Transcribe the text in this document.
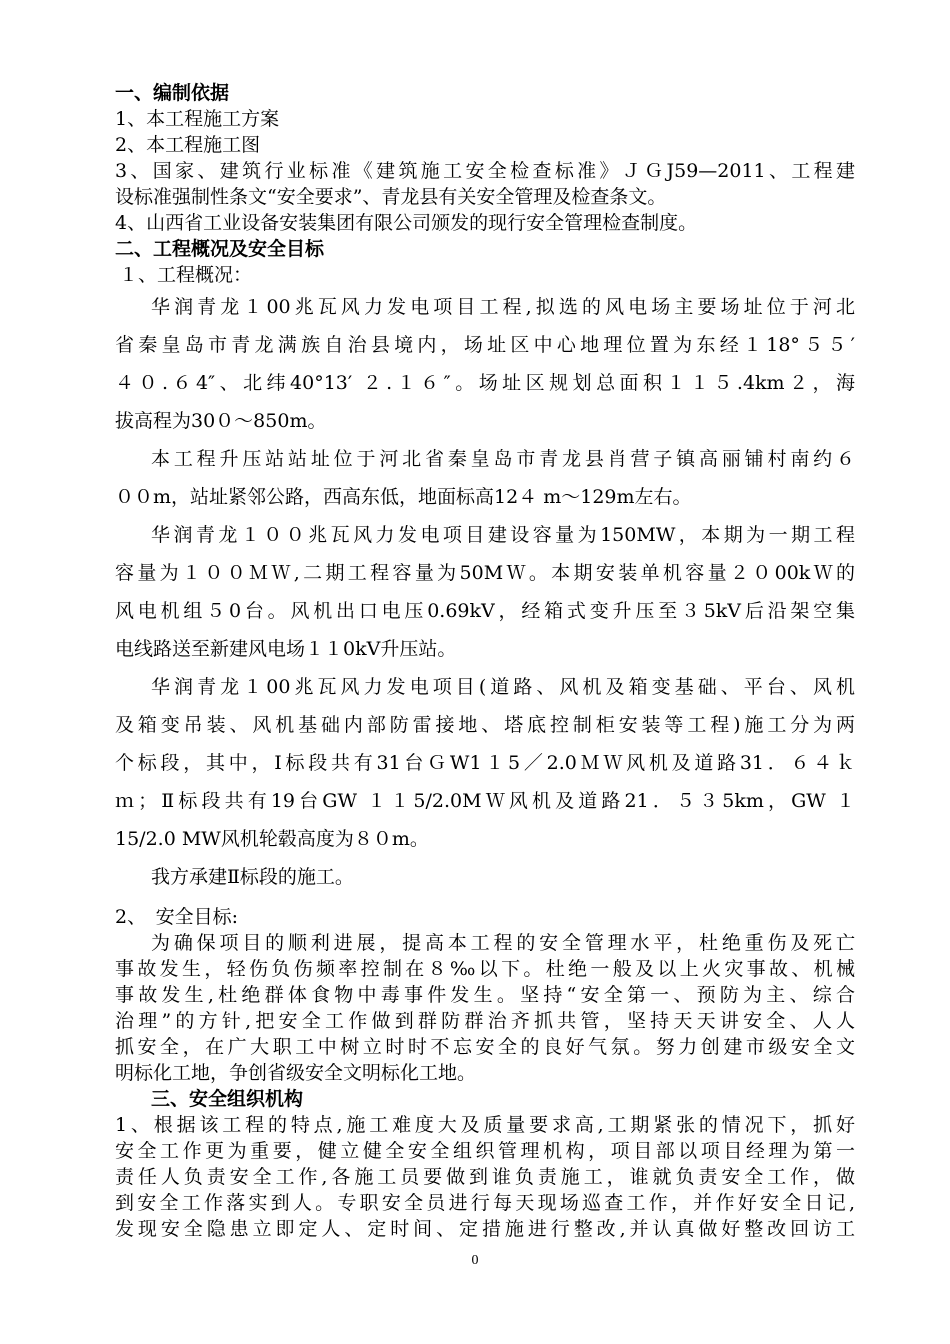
一、编制依据
1、本工程施工方案
2、本工程施工图
3、国家、建筑行业标准《建筑施工安全检查标准》ＪＧJ59—2011、工程建
设标准强制性条文“安全要求”、青龙县有关安全管理及检查条文。
4、山西省工业设备安装集团有限公司颁发的现行安全管理检查制度。
二、工程概况及安全目标
１、工程概况：
华润青龙１00兆瓦风力发电项目工程,拟选的风电场主要场址位于河北
省秦皇岛市青龙满族自治县境内，场址区中心地理位置为东经１18°５５′
４０.６4″、北纬40°13′ ２.１６″。场址区规划总面积１１５.4km２，海
拔高程为30０～850m。
本工程升压站站址位于河北省秦皇岛市青龙县肖营子镇高丽铺村南约６
００m，站址紧邻公路，西高东低，地面标高12４ m～129m左右。
华润青龙１００兆瓦风力发电项目建设容量为150MW，本期为一期工程
容量为１００ＭＷ,二期工程容量为50MＷ。本期安装单机容量２０00kＷ的
风电机组５0台。风机出口电压0.69kV，经箱式变升压至３5kV后沿架空集
电线路送至新建风电场１１0kV升压站。
华润青龙１00兆瓦风力发电项目(道路、风机及箱变基础、平台、风机
及箱变吊装、风机基础内部防雷接地、塔底控制柜安装等工程)施工分为两
个标段，其中，Ⅰ标段共有31台ＧW1１5／2.0ＭＷ风机及道路31．６４ｋ
ｍ；Ⅱ标段共有19台GW １１5/2.0MＷ风机及道路21．５３5km，GW １
15/2.0 MW风机轮毂高度为８０m。
我方承建Ⅱ标段的施工。
2、　安全目标:
为确保项目的顺利进展，提高本工程的安全管理水平，杜绝重伤及死亡
事故发生，轻伤负伤频率控制在８‰以下。杜绝一般及以上火灾事故、机械
事故发生,杜绝群体食物中毒事件发生。坚持“安全第一、预防为主、综合
治理”的方针,把安全工作做到群防群治齐抓共管，坚持天天讲安全、人人
抓安全，在广大职工中树立时时不忘安全的良好气氛。努力创建市级安全文
明标化工地，争创省级安全文明标化工地。
三、安全组织机构
1、根据该工程的特点,施工难度大及质量要求高,工期紧张的情况下，抓好
安全工作更为重要，健立健全安全组织管理机构，项目部以项目经理为第一
责任人负责安全工作,各施工员要做到谁负责施工，谁就负责安全工作，做
到安全工作落实到人。专职安全员进行每天现场巡查工作，并作好安全日记,
发现安全隐患立即定人、定时间、定措施进行整改,并认真做好整改回访工
0
